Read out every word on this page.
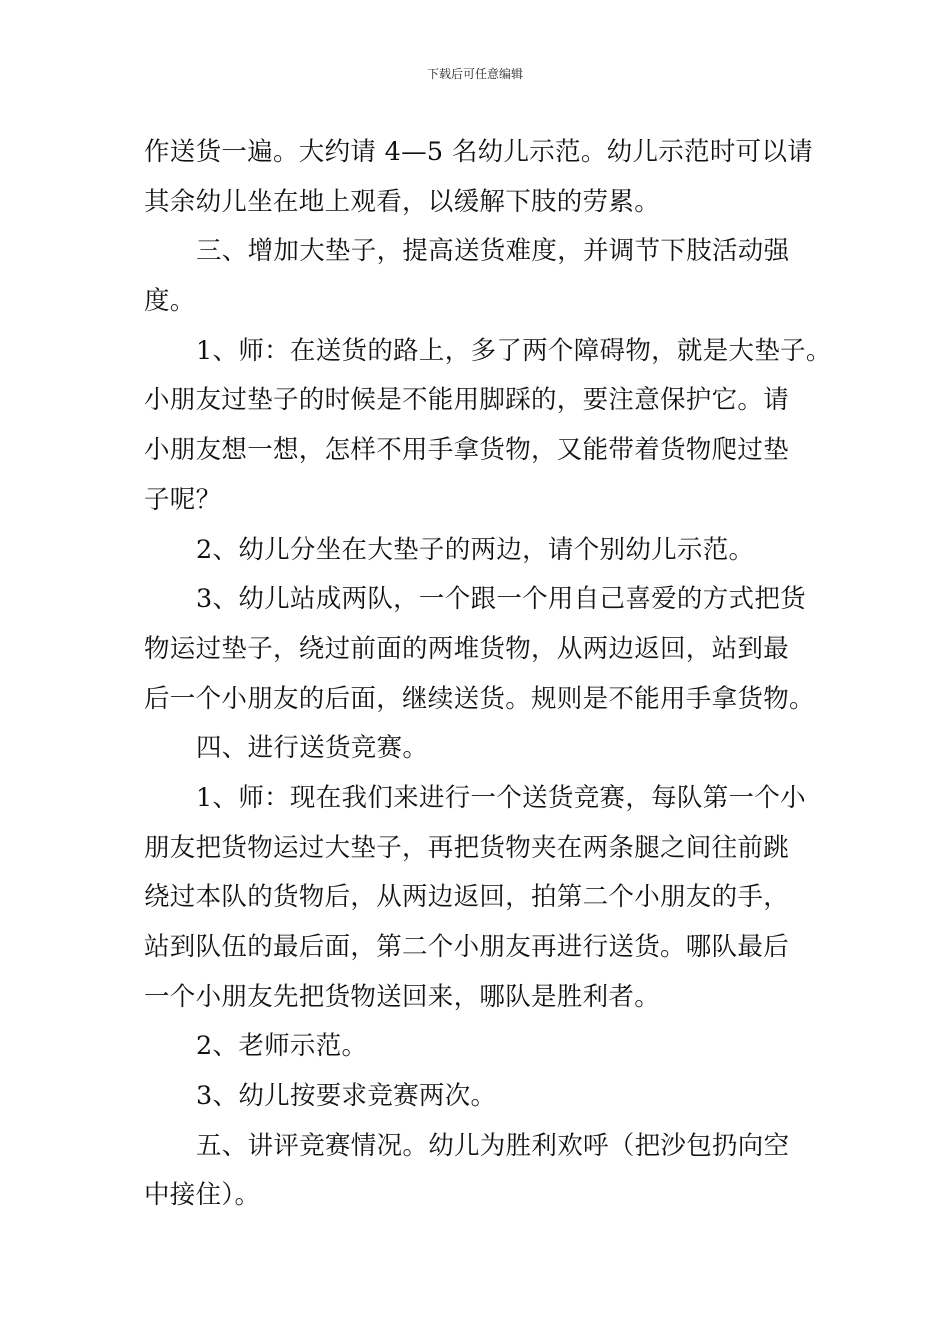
下载后可任意编辑
作送货一遍。大约请 4—5 名幼儿示范。幼儿示范时可以请
其余幼儿坐在地上观看，以缓解下肢的劳累。
三、增加大垫子，提高送货难度，并调节下肢活动强
度。
1、师：在送货的路上，多了两个障碍物，就是大垫子。
小朋友过垫子的时候是不能用脚踩的，要注意保护它。请
小朋友想一想，怎样不用手拿货物，又能带着货物爬过垫
子呢？
2、幼儿分坐在大垫子的两边，请个别幼儿示范。
3、幼儿站成两队，一个跟一个用自己喜爱的方式把货
物运过垫子，绕过前面的两堆货物，从两边返回，站到最
后一个小朋友的后面，继续送货。规则是不能用手拿货物。
四、进行送货竞赛。
1、师：现在我们来进行一个送货竞赛，每队第一个小
朋友把货物运过大垫子，再把货物夹在两条腿之间往前跳
绕过本队的货物后，从两边返回，拍第二个小朋友的手，
站到队伍的最后面，第二个小朋友再进行送货。哪队最后
一个小朋友先把货物送回来，哪队是胜利者。
2、老师示范。
3、幼儿按要求竞赛两次。
五、讲评竞赛情况。幼儿为胜利欢呼（把沙包扔向空
中接住）。
